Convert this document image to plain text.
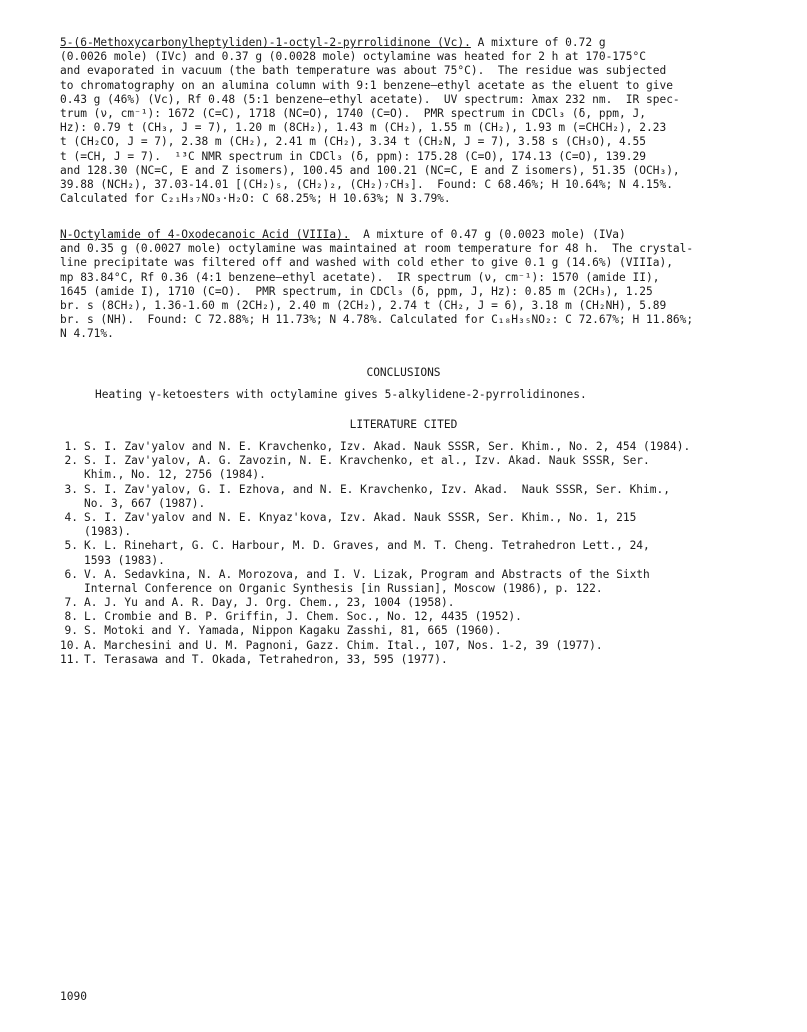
5-(6-Methoxycarbonylheptyliden)-1-octyl-2-pyrrolidinone (Vc). A mixture of 0.72 g
(0.0026 mole) (IVc) and 0.37 g (0.0028 mole) octylamine was heated for 2 h at 170-175°C
and evaporated in vacuum (the bath temperature was about 75°C).  The residue was subjected
to chromatography on an alumina column with 9:1 benzene—ethyl acetate as the eluent to give
0.43 g (46%) (Vc), Rf 0.48 (5:1 benzene—ethyl acetate).  UV spectrum: λmax 232 nm.  IR spec-
trum (ν, cm⁻¹): 1672 (C=C), 1718 (NC=O), 1740 (C=O).  PMR spectrum in CDCl₃ (δ, ppm, J,
Hz): 0.79 t (CH₃, J = 7), 1.20 m (8CH₂), 1.43 m (CH₂), 1.55 m (CH₂), 1.93 m (=CHCH₂), 2.23
t (CH₂CO, J = 7), 2.38 m (CH₂), 2.41 m (CH₂), 3.34 t (CH₂N, J = 7), 3.58 s (CH₃O), 4.55
t (=CH, J = 7).  ¹³C NMR spectrum in CDCl₃ (δ, ppm): 175.28 (C=O), 174.13 (C=O), 139.29
and 128.30 (NC=C, E and Z isomers), 100.45 and 100.21 (NC=C, E and Z isomers), 51.35 (OCH₃),
39.88 (NCH₂), 37.03-14.01 [(CH₂)₅, (CH₂)₂, (CH₂)₇CH₃].  Found: C 68.46%; H 10.64%; N 4.15%.
Calculated for C₂₁H₃₇NO₃·H₂O: C 68.25%; H 10.63%; N 3.79%.
N-Octylamide of 4-Oxodecanoic Acid (VIIIa).  A mixture of 0.47 g (0.0023 mole) (IVa)
and 0.35 g (0.0027 mole) octylamine was maintained at room temperature for 48 h.  The crystal-
line precipitate was filtered off and washed with cold ether to give 0.1 g (14.6%) (VIIIa),
mp 83.84°C, Rf 0.36 (4:1 benzene—ethyl acetate).  IR spectrum (ν, cm⁻¹): 1570 (amide II),
1645 (amide I), 1710 (C=O).  PMR spectrum, in CDCl₃ (δ, ppm, J, Hz): 0.85 m (2CH₃), 1.25
br. s (8CH₂), 1.36-1.60 m (2CH₂), 2.40 m (2CH₂), 2.74 t (CH₂, J = 6), 3.18 m (CH₂NH), 5.89
br. s (NH).  Found: C 72.88%; H 11.73%; N 4.78%. Calculated for C₁₈H₃₅NO₂: C 72.67%; H 11.86%;
N 4.71%.
CONCLUSIONS
Heating γ-ketoesters with octylamine gives 5-alkylidene-2-pyrrolidinones.
LITERATURE CITED
1. S. I. Zav'yalov and N. E. Kravchenko, Izv. Akad. Nauk SSSR, Ser. Khim., No. 2, 454 (1984).
2. S. I. Zav'yalov, A. G. Zavozin, N. E. Kravchenko, et al., Izv. Akad. Nauk SSSR, Ser.
Khim., No. 12, 2756 (1984).
3. S. I. Zav'yalov, G. I. Ezhova, and N. E. Kravchenko, Izv. Akad.  Nauk SSSR, Ser. Khim.,
No. 3, 667 (1987).
4. S. I. Zav'yalov and N. E. Knyaz'kova, Izv. Akad. Nauk SSSR, Ser. Khim., No. 1, 215
(1983).
5. K. L. Rinehart, G. C. Harbour, M. D. Graves, and M. T. Cheng. Tetrahedron Lett., 24,
1593 (1983).
6. V. A. Sedavkina, N. A. Morozova, and I. V. Lizak, Program and Abstracts of the Sixth
Internal Conference on Organic Synthesis [in Russian], Moscow (1986), p. 122.
7. A. J. Yu and A. R. Day, J. Org. Chem., 23, 1004 (1958).
8. L. Crombie and B. P. Griffin, J. Chem. Soc., No. 12, 4435 (1952).
9. S. Motoki and Y. Yamada, Nippon Kagaku Zasshi, 81, 665 (1960).
10. A. Marchesini and U. M. Pagnoni, Gazz. Chim. Ital., 107, Nos. 1-2, 39 (1977).
11. T. Terasawa and T. Okada, Tetrahedron, 33, 595 (1977).
1090
